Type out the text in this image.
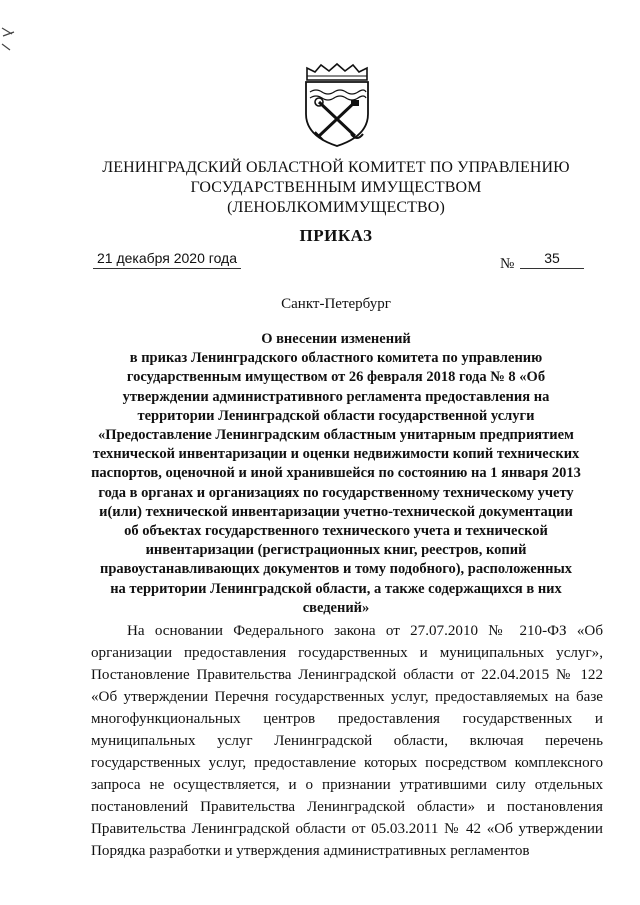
ЛЕНИНГРАДСКИЙ ОБЛАСТНОЙ КОМИТЕТ ПО УПРАВЛЕНИЮ
ГОСУДАРСТВЕННЫМ ИМУЩЕСТВОМ
(ЛЕНОБЛКОМИМУЩЕСТВО)
ПРИКАЗ
21 декабря 2020 года	№	35
Санкт-Петербург
О внесении изменений
в приказ Ленинградского областного комитета по управлению
государственным имуществом от 26 февраля 2018 года № 8 «Об
утверждении административного регламента предоставления на
территории Ленинградской области государственной услуги
«Предоставление Ленинградским областным унитарным предприятием
технической инвентаризации и оценки недвижимости копий технических
паспортов, оценочной и иной хранившейся по состоянию на 1 января 2013
года в органах и организациях по государственному техническому учету
и(или) технической инвентаризации учетно-технической документации
об объектах государственного технического учета и технической
инвентаризации (регистрационных книг, реестров, копий
правоустанавливающих документов и тому подобного), расположенных
на территории Ленинградской области, а также содержащихся в них
сведений»
На основании Федерального закона от 27.07.2010 № 210-ФЗ «Об организации предоставления государственных и муниципальных услуг», Постановление Правительства Ленинградской области от 22.04.2015 № 122 «Об утверждении Перечня государственных услуг, предоставляемых на базе многофункциональных центров предоставления государственных и муниципальных услуг Ленинградской области, включая перечень государственных услуг, предоставление которых посредством комплексного запроса не осуществляется, и о признании утратившими силу отдельных постановлений Правительства Ленинградской области» и постановления Правительства Ленинградской области от 05.03.2011 № 42 «Об утверждении Порядка разработки и утверждения административных регламентов
